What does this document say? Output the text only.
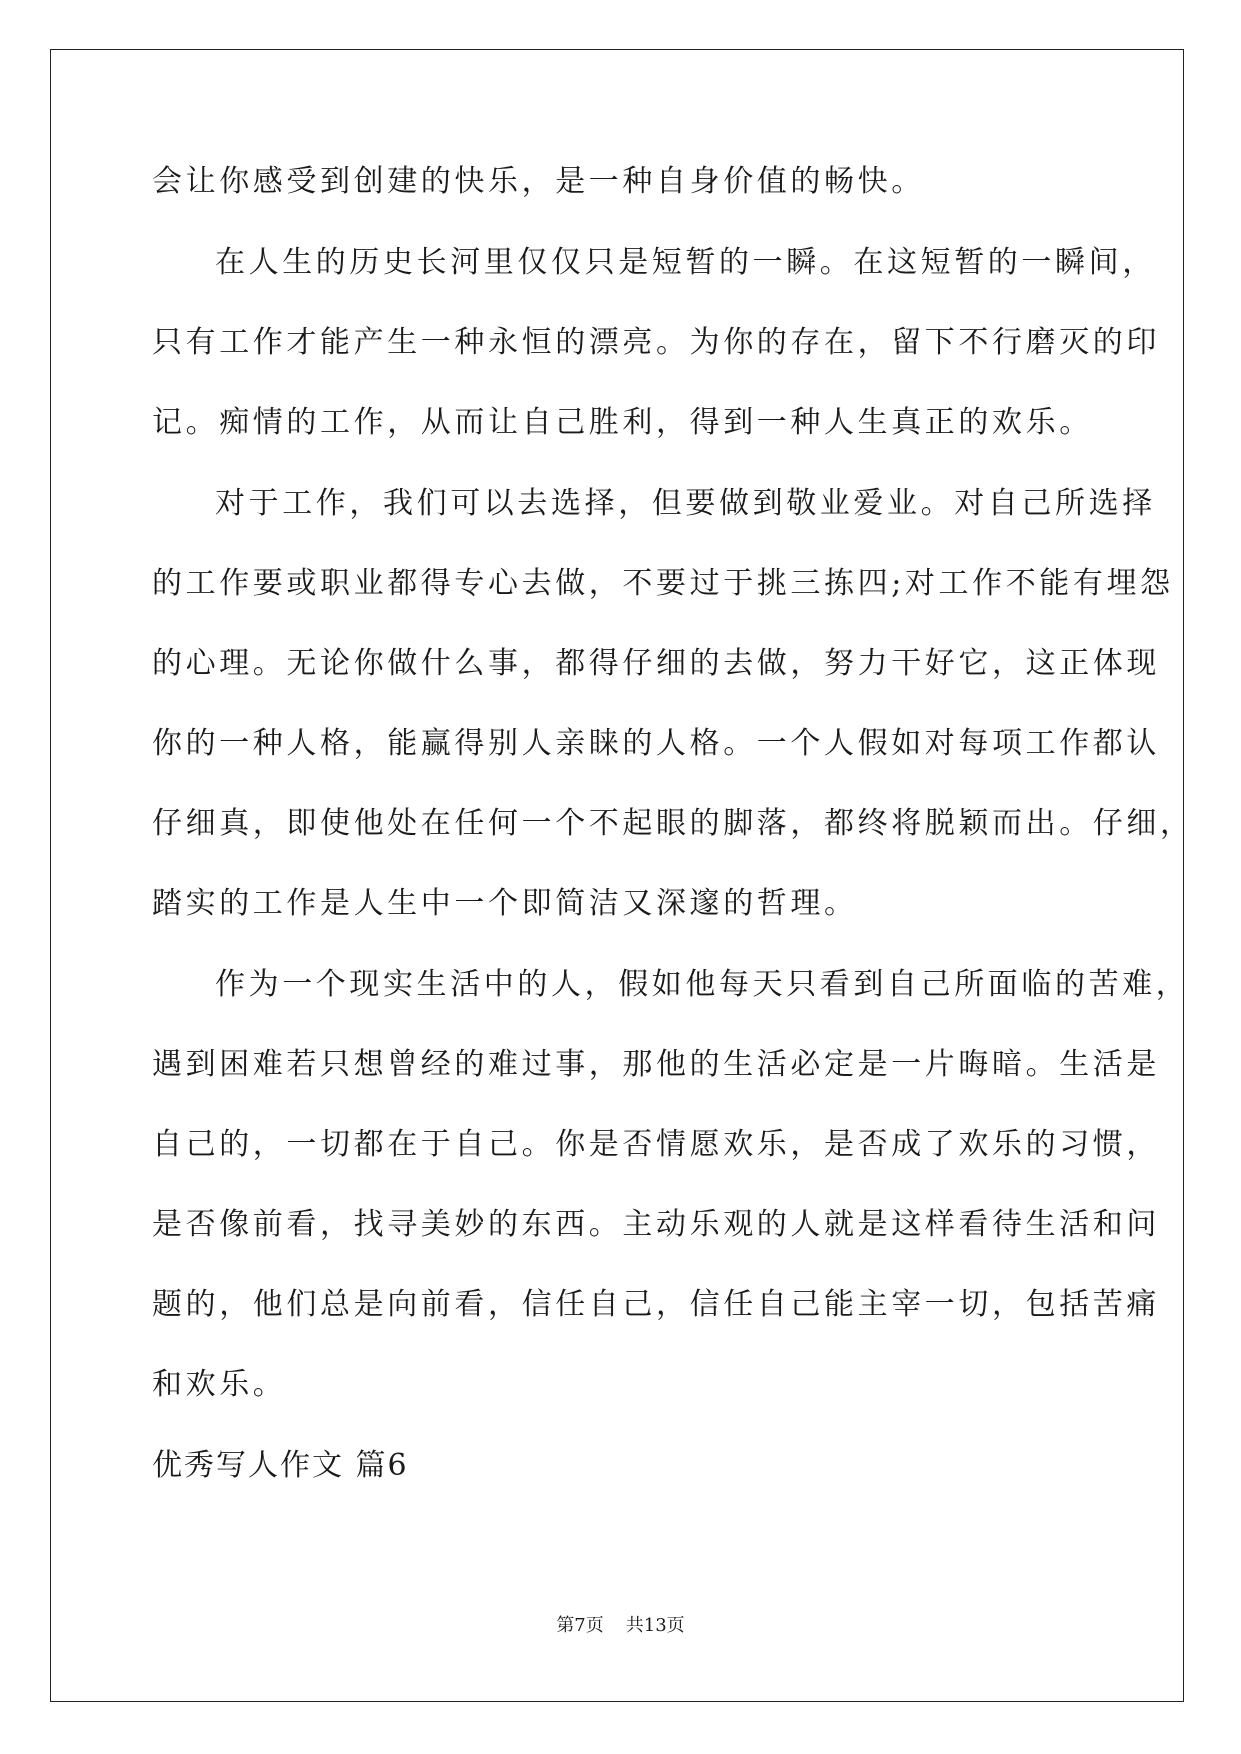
会让你感受到创建的快乐，是一种自身价值的畅快。
在人生的历史长河里仅仅只是短暂的一瞬。在这短暂的一瞬间，
只有工作才能产生一种永恒的漂亮。为你的存在，留下不行磨灭的印
记。痴情的工作，从而让自己胜利，得到一种人生真正的欢乐。
对于工作，我们可以去选择，但要做到敬业爱业。对自己所选择
的工作要或职业都得专心去做，不要过于挑三拣四;对工作不能有埋怨
的心理。无论你做什么事，都得仔细的去做，努力干好它，这正体现
你的一种人格，能赢得别人亲睐的人格。一个人假如对每项工作都认
仔细真，即使他处在任何一个不起眼的脚落，都终将脱颖而出。仔细，
踏实的工作是人生中一个即简洁又深邃的哲理。
作为一个现实生活中的人，假如他每天只看到自己所面临的苦难，
遇到困难若只想曾经的难过事，那他的生活必定是一片晦暗。生活是
自己的，一切都在于自己。你是否情愿欢乐，是否成了欢乐的习惯，
是否像前看，找寻美妙的东西。主动乐观的人就是这样看待生活和问
题的，他们总是向前看，信任自己，信任自己能主宰一切，包括苦痛
和欢乐。
优秀写人作文 篇6
第7页 共13页
